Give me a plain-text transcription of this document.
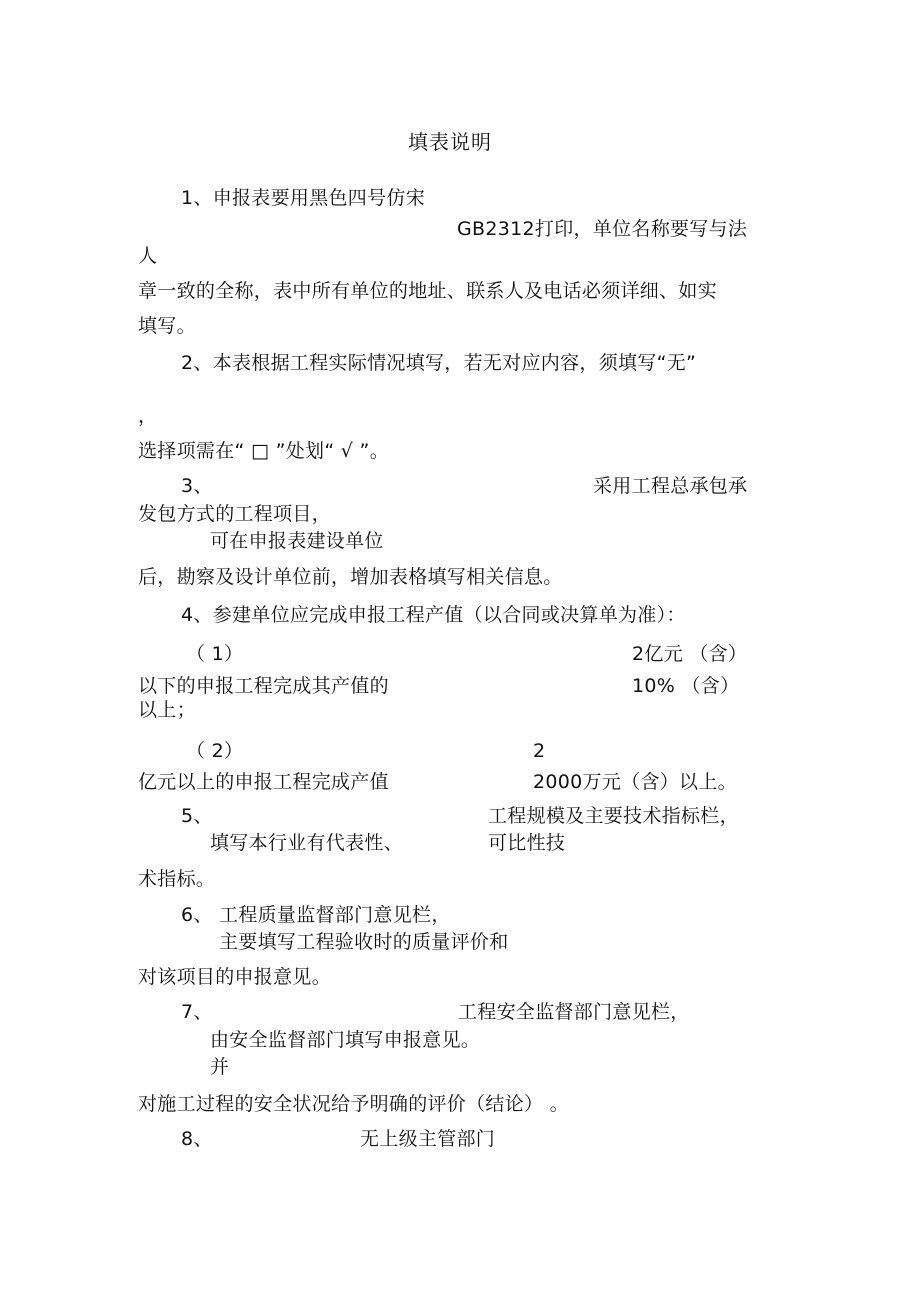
填表说明
1、申报表要用黑色四号仿宋
GB2312打印，单位名称要写与法
人
章一致的全称，表中所有单位的地址、联系人及电话必须详细、如实
填写。
2、本表根据工程实际情况填写，若无对应内容，须填写“无”
，
选择项需在“ □ ”处划“ √ ”。
3、	采用工程总承包承
发包方式的工程项目，
可在申报表建设单位
后，勘察及设计单位前，增加表格填写相关信息。
4、参建单位应完成申报工程产值（以合同或决算单为准）：
（ 1）	2亿元 （含）
以下的申报工程完成其产值的	10% （含）
以上；
（ 2）	2
亿元以上的申报工程完成产值	2000万元（含）以上。
5、	工程规模及主要技术指标栏，
填写本行业有代表性、	可比性技
术指标。
6、 工程质量监督部门意见栏，
主要填写工程验收时的质量评价和
对该项目的申报意见。
7、	工程安全监督部门意见栏，
由安全监督部门填写申报意见。
并
对施工过程的安全状况给予明确的评价（结论） 。
8、	无上级主管部门
